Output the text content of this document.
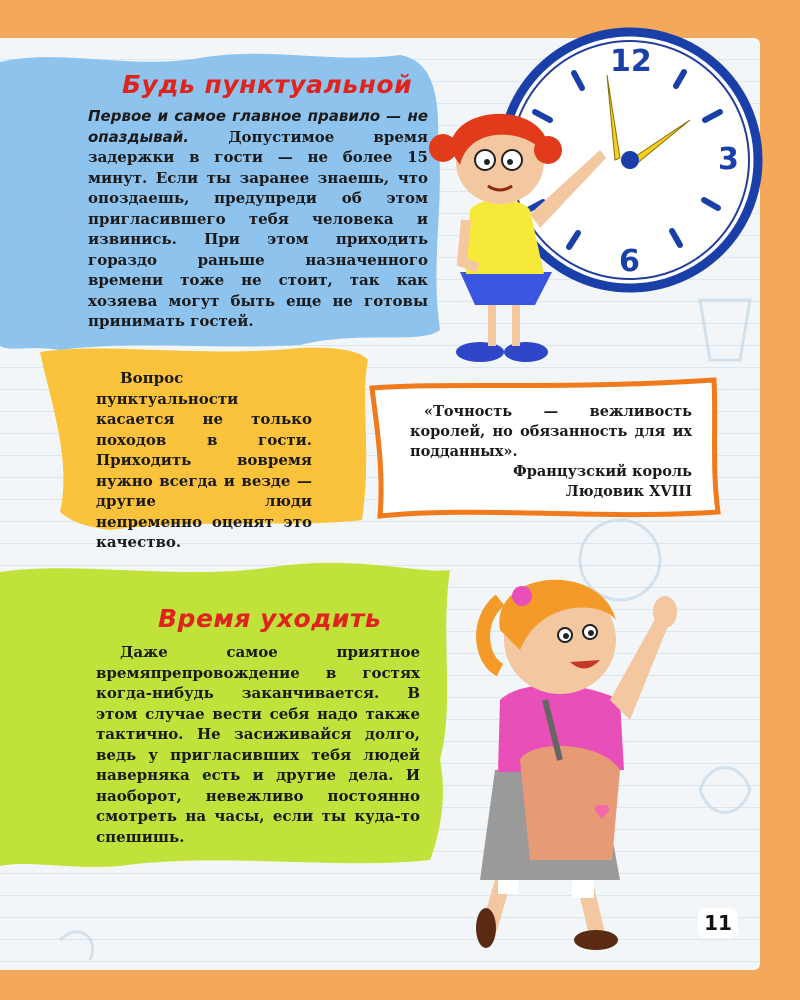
Будь пунктуальной

Первое и самое главное правило — не опаздывай. Допустимое время задержки в гости — не более 15 минут. Если ты заранее знаешь, что опоздаешь, предупреди об этом пригласившего тебя человека и извинись. При этом приходить гораздо раньше назначенного времени тоже не стоит, так как хозяева могут быть еще не готовы принимать гостей.

Вопрос пунктуальности касается не только походов в гости. Приходить вовремя нужно всегда и везде — другие люди непременно оценят это качество.
«Точность — вежливость королей, но обязанность для их подданных».
Французский король
Людовик XVIII
Время уходить
Даже самое приятное времяпрепровождение в гостях когда-нибудь заканчивается. В этом случае вести себя надо также тактично. Не засиживайся долго, ведь у пригласивших тебя людей наверняка есть и другие дела. И наоборот, невежливо постоянно смотреть на часы, если ты куда-то спешишь.
12
3
6
11
